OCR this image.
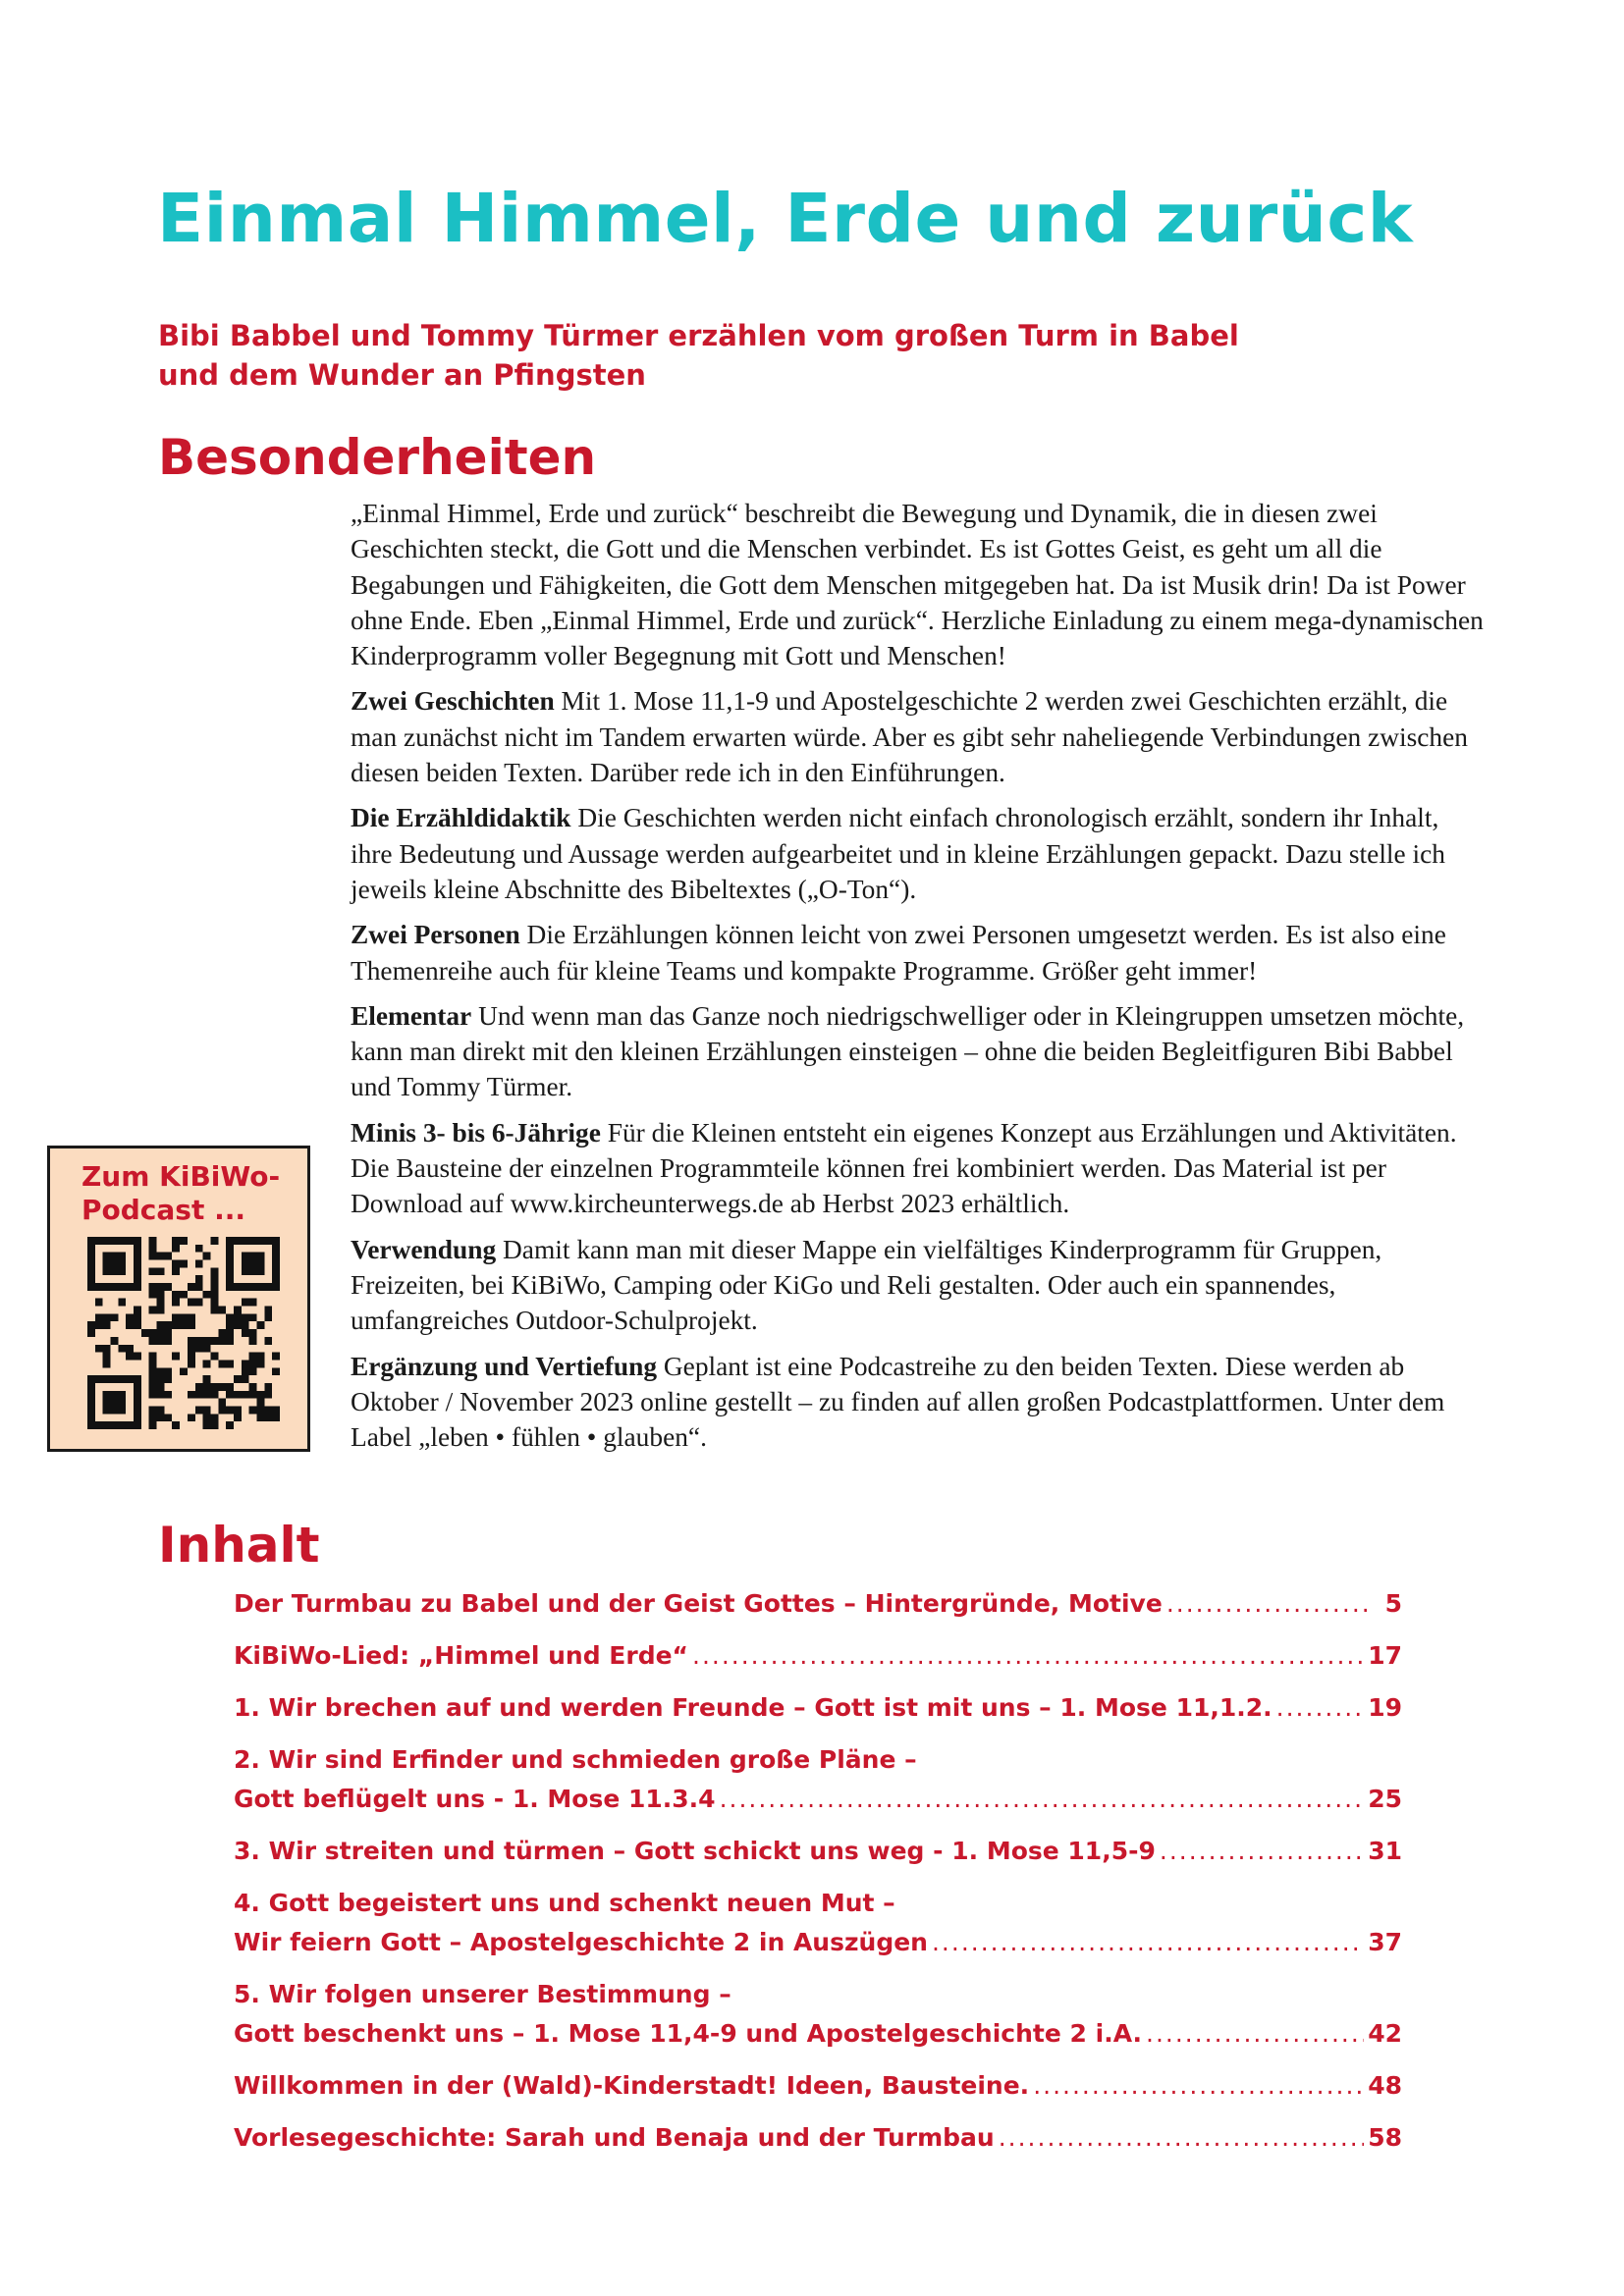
Einmal Himmel, Erde und zurück
Bibi Babbel und Tommy Türmer erzählen vom großen Turm in Babel
und dem Wunder an Pfingsten
Besonderheiten

„Einmal Himmel, Erde und zurück“ beschreibt die Bewegung und Dynamik, die in diesen zwei Geschichten steckt, die Gott und die Menschen verbindet. Es ist Gottes Geist, es geht um all die Begabungen und Fähigkeiten, die Gott dem Menschen mitgegeben hat. Da ist Musik drin! Da ist Power ohne Ende. Eben „Einmal Himmel, Erde und zurück“. Herzliche Einladung zu einem mega-dynamischen Kinderprogramm voller Begegnung mit Gott und Menschen!

Zwei Geschichten Mit 1. Mose 11,1-9 und Apostelgeschichte 2 werden zwei Geschichten erzählt, die man zunächst nicht im Tandem erwarten würde. Aber es gibt sehr naheliegende Verbindungen zwischen diesen beiden Texten. Darüber rede ich in den Einführungen.

Die Erzähldidaktik Die Geschichten werden nicht einfach chronologisch erzählt, sondern ihr Inhalt, ihre Bedeutung und Aussage werden aufgearbeitet und in kleine Erzählungen gepackt. Dazu stelle ich jeweils kleine Abschnitte des Bibeltextes („O-Ton“).

Zwei Personen Die Erzählungen können leicht von zwei Personen umgesetzt werden. Es ist also eine Themenreihe auch für kleine Teams und kompakte Programme. Größer geht immer!

Elementar Und wenn man das Ganze noch niedrigschwelliger oder in Kleingruppen umsetzen möchte, kann man direkt mit den kleinen Erzählungen einsteigen – ohne die beiden Begleitfiguren Bibi Babbel und Tommy Türmer.

Minis 3- bis 6-Jährige Für die Kleinen entsteht ein eigenes Konzept aus Erzählungen und Aktivitäten. Die Bausteine der einzelnen Programmteile können frei kombiniert werden. Das Material ist per Download auf www.kircheunterwegs.de ab Herbst 2023 erhältlich.

Verwendung Damit kann man mit dieser Mappe ein vielfältiges Kinderprogramm für Gruppen, Freizeiten, bei KiBiWo, Camping oder KiGo und Reli gestalten. Oder auch ein spannendes, umfangreiches Outdoor-Schulprojekt.

Ergänzung und Vertiefung Geplant ist eine Podcastreihe zu den beiden Texten. Diese werden ab Oktober / November 2023 online gestellt – zu finden auf allen großen Podcastplattformen. Unter dem Label „leben • fühlen • glauben“.

Zum KiBiWo-Podcast ...
Inhalt
Der Turmbau zu Babel und der Geist Gottes – Hintergründe, Motive .....	5
KiBiWo-Lied: „Himmel und Erde“ .....	17
1. Wir brechen auf und werden Freunde – Gott ist mit uns – 1. Mose 11,1.2. .....	19
2. Wir sind Erfinder und schmieden große Pläne –
Gott beflügelt uns - 1. Mose 11.3.4 .....	25
3. Wir streiten und türmen – Gott schickt uns weg - 1. Mose 11,5-9 .....	31
4. Gott begeistert uns und schenkt neuen Mut –
Wir feiern Gott – Apostelgeschichte 2 in Auszügen .....	37
5. Wir folgen unserer Bestimmung –
Gott beschenkt uns – 1. Mose 11,4-9 und Apostelgeschichte 2 i.A. .....	42
Willkommen in der (Wald)-Kinderstadt! Ideen, Bausteine. .....	48
Vorlesegeschichte: Sarah und Benaja und der Turmbau .....	58
